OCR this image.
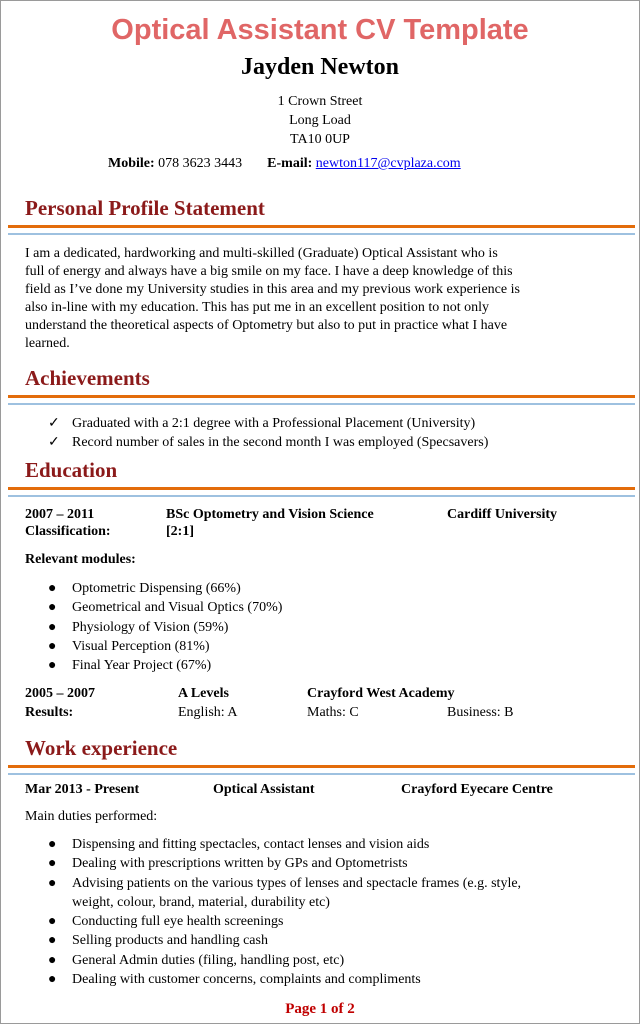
Optical Assistant CV Template
Jayden Newton
1 Crown Street
Long Load
TA10 0UP
Mobile: 078 3623 3443 E-mail: newton117@cvplaza.com
Personal Profile Statement
I am a dedicated, hardworking and multi-skilled (Graduate) Optical Assistant who is
full of energy and always have a big smile on my face. I have a deep knowledge of this
field as I’ve done my University studies in this area and my previous work experience is
also in-line with my education. This has put me in an excellent position to not only
understand the theoretical aspects of Optometry but also to put in practice what I have
learned.
Achievements
✓ Graduated with a 2:1 degree with a Professional Placement (University)
✓ Record number of sales in the second month I was employed (Specsavers)
Education
2007 – 2011	BSc Optometry and Vision Science	Cardiff University
Classification:	[2:1]
Relevant modules:
● Optometric Dispensing (66%)
● Geometrical and Visual Optics (70%)
● Physiology of Vision (59%)
● Visual Perception (81%)
● Final Year Project (67%)
2005 – 2007	A Levels	Crayford West Academy
Results:	English: A	Maths: C	Business: B
Work experience
Mar 2013 - Present	Optical Assistant	Crayford Eyecare Centre
Main duties performed:
● Dispensing and fitting spectacles, contact lenses and vision aids
● Dealing with prescriptions written by GPs and Optometrists
● Advising patients on the various types of lenses and spectacle frames (e.g. style,
weight, colour, brand, material, durability etc)
● Conducting full eye health screenings
● Selling products and handling cash
● General Admin duties (filing, handling post, etc)
● Dealing with customer concerns, complaints and compliments
Page 1 of 2
